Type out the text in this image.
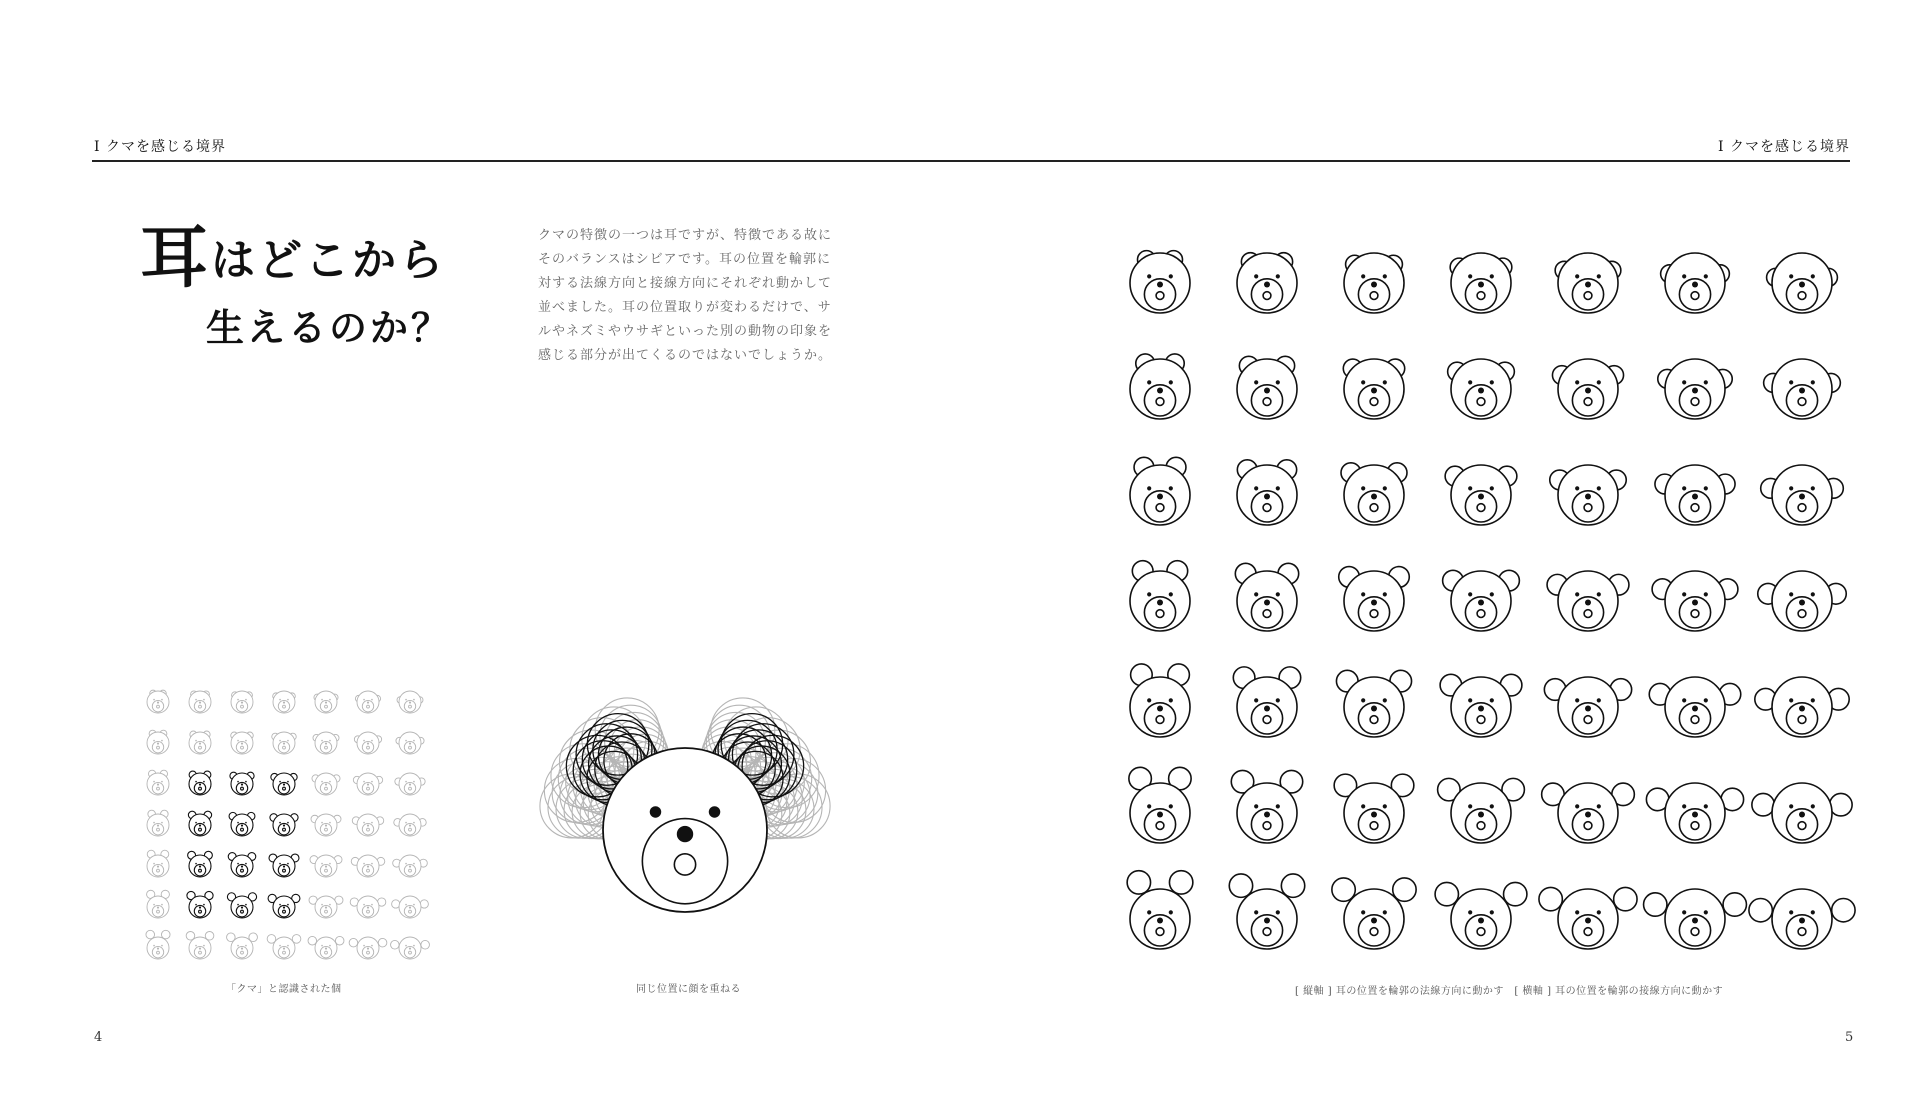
I クマを感じる境界	I クマを感じる境界
耳はどこから
生えるのか？

クマの特徴の一つは耳ですが、特徴である故に

そのバランスはシビアです。耳の位置を輪郭に

対する法線方向と接線方向にそれぞれ動かして

並べました。耳の位置取りが変わるだけで、サ

ルやネズミやウサギといった別の動物の印象を

感じる部分が出てくるのではないでしょうか。

「クマ」と認識された個	同じ位置に顔を重ねる	[ 縦軸 ] 耳の位置を輪郭の法線方向に動かす　[ 横軸 ] 耳の位置を輪郭の接線方向に動かす
4	5
